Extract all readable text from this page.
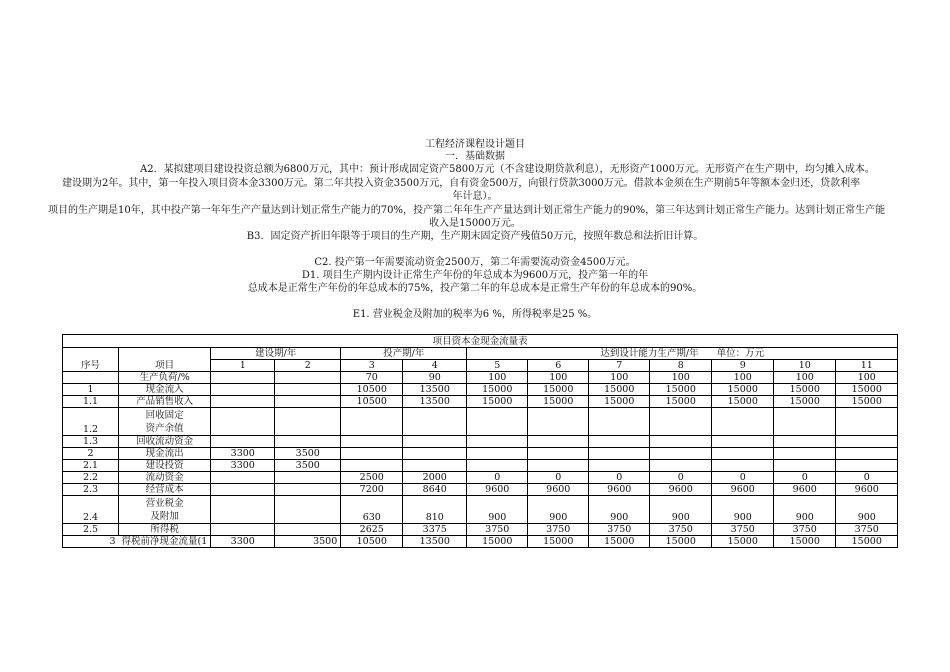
工程经济课程设计题目
一．基础数据
A2．某拟建项目建设投资总额为6800万元，其中：预计形成固定资产5800万元（不含建设期贷款利息），无形资产1000万元。无形资产在生产期中，均匀摊入成本。
建设期为2年。其中，第一年投入项目资本金3300万元。第二年共投入资金3500万元，自有资金500万，向银行贷款3000万元。借款本金须在生产期前5年等额本金归还，贷款利率
年计息）。
项目的生产期是10年，其中投产第一年年生产产量达到计划正常生产能力的70%，投产第二年年生产产量达到计划正常生产能力的90%，第三年达到计划正常生产能力。达到计划正常生产能
收入是15000万元。
B3．固定资产折旧年限等于项目的生产期，生产期末固定资产残值50万元，按照年数总和法折旧计算。
C2. 投产第一年需要流动资金2500万，第二年需要流动资金4500万元。
D1. 项目生产期内设计正常生产年份的年总成本为9600万元，投产第一年的年
总成本是正常生产年份的年总成本的75%，投产第二年的年总成本是正常生产年份的年总成本的90%。
E1. 营业税金及附加的税率为6 %，所得税率是25 %。
项目资本金现金流量表												
		建设期/年		投产期/年		达到设计能力生产期/年 单位：万元						
序号	项目	1	2	3	4	5	6	7	8	9	10	11
	生产负荷/%			70	90	100	100	100	100	100	100	100
1	现金流入			10500	13500	15000	15000	15000	15000	15000	15000	15000
1.1	产品销售收入			10500	13500	15000	15000	15000	15000	15000	15000	15000
1.2	回收固定
资产余值											

1.3	回收流动资金											
2	现金流出	3300	3500									
2.1	建设投资	3300	3500									
2.2	流动资金			2500	2000	0	0	0	0	0	0	0
2.3	经营成本			7200	8640	9600	9600	9600	9600	9600	9600	9600
2.4	营业税金
及附加			630	810	900	900	900	900	900	900	900
2.5	所得税			2625	3375	3750	3750	3750	3750	3750	3750	3750
3	得税前净现金流量(1	3300	3500	10500	13500	15000	15000	15000	15000	15000	15000	15000
